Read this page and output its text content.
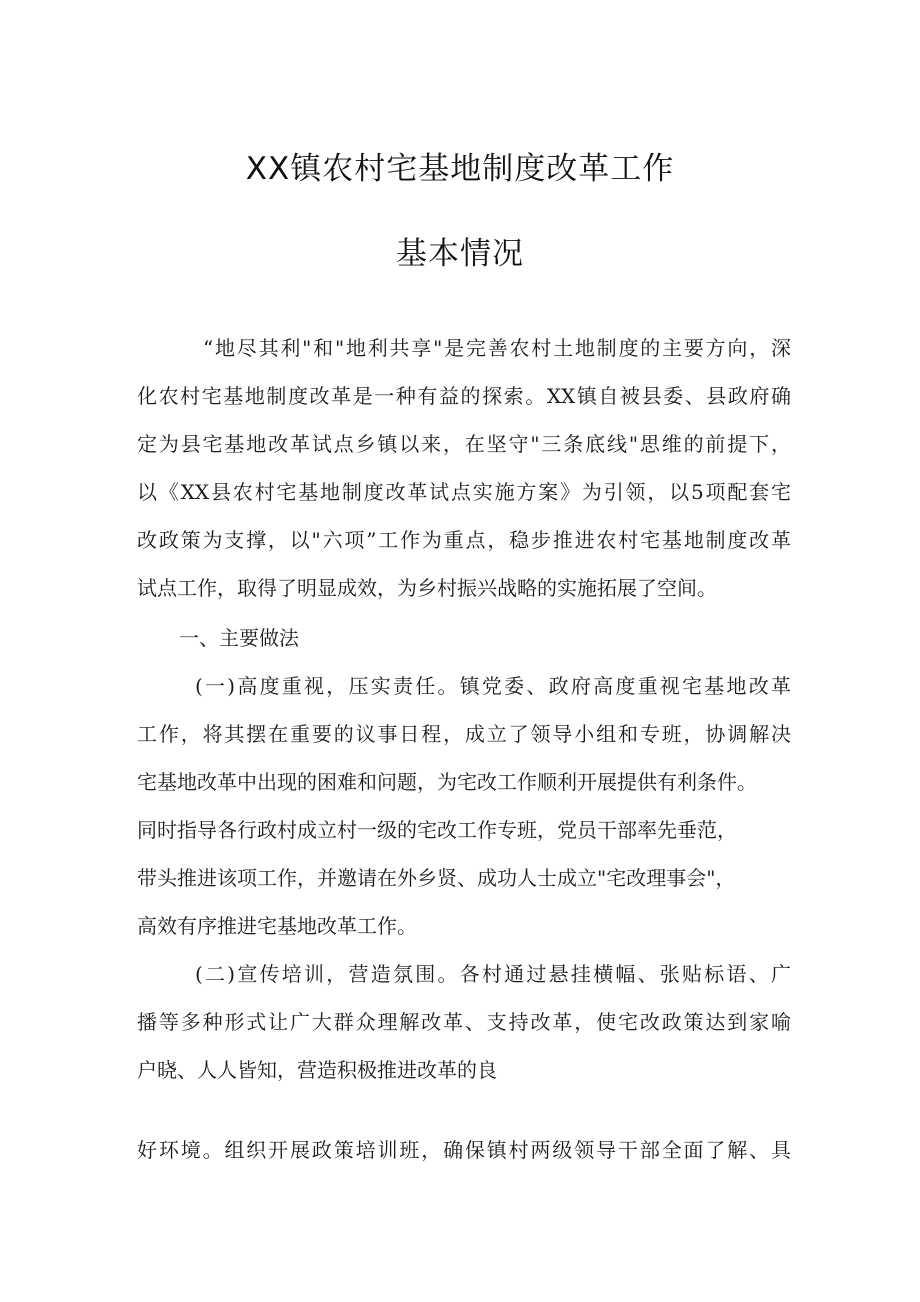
XX镇农村宅基地制度改革工作
基本情况
“地尽其利"和"地利共享"是完善农村土地制度的主要方向，深
化农村宅基地制度改革是一种有益的探索。XX镇自被县委、县政府确
定为县宅基地改革试点乡镇以来，在坚守"三条底线"思维的前提下，
以《XX县农村宅基地制度改革试点实施方案》为引领，以5项配套宅
改政策为支撑，以"六项”工作为重点，稳步推进农村宅基地制度改革
试点工作，取得了明显成效，为乡村振兴战略的实施拓展了空间。
一、主要做法
(一)高度重视，压实责任。镇党委、政府高度重视宅基地改革
工作，将其摆在重要的议事日程，成立了领导小组和专班，协调解决
宅基地改革中出现的困难和问题，为宅改工作顺利开展提供有利条件。
同时指导各行政村成立村一级的宅改工作专班，党员干部率先垂范，
带头推进该项工作，并邀请在外乡贤、成功人士成立"宅改理事会"，
高效有序推进宅基地改革工作。
(二)宣传培训，营造氛围。各村通过悬挂横幅、张贴标语、广
播等多种形式让广大群众理解改革、支持改革，使宅改政策达到家喻
户晓、人人皆知，营造积极推进改革的良
好环境。组织开展政策培训班，确保镇村两级领导干部全面了解、具
